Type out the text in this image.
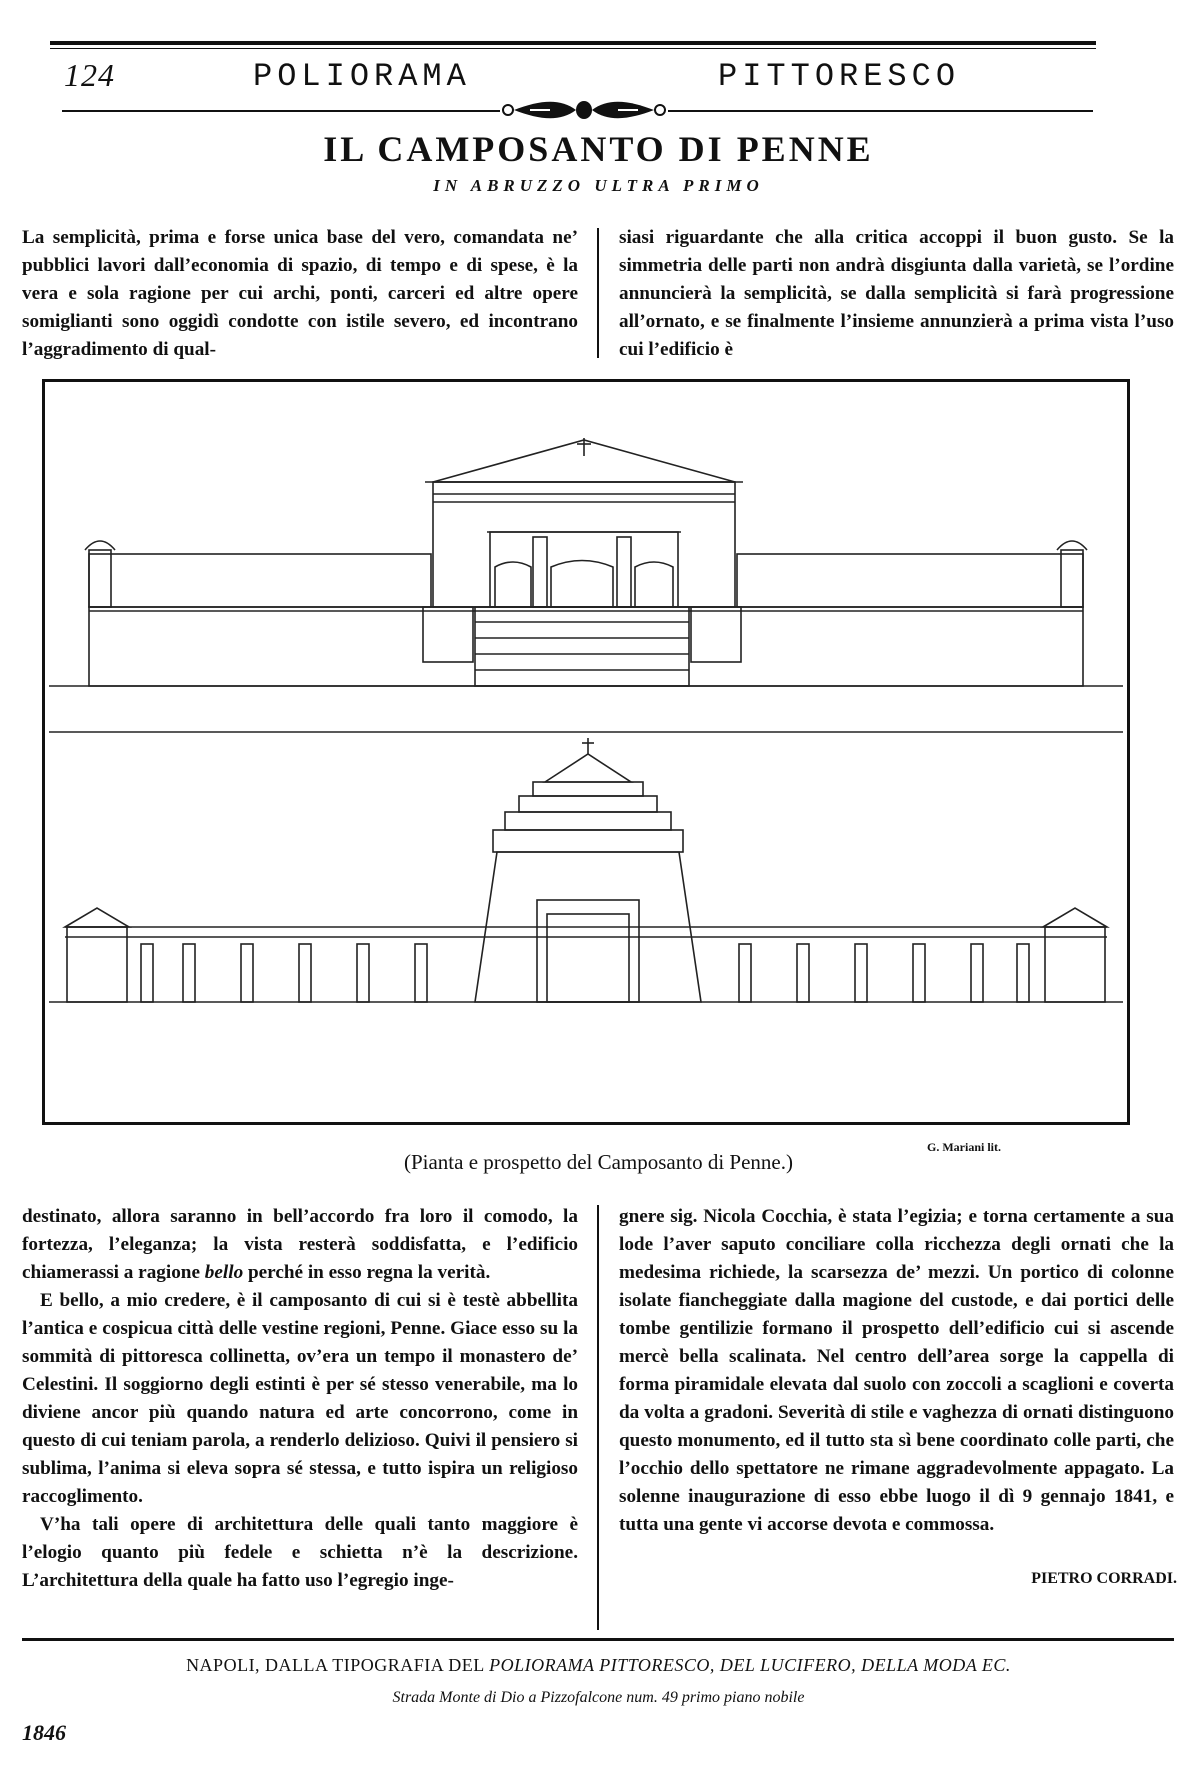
124	POLIORAMA	PITTORESCO
IL CAMPOSANTO DI PENNE
IN ABRUZZO ULTRA PRIMO

La semplicità, prima e forse unica base del vero, comandata ne’ pubblici lavori dall’economia di spazio, di tempo e di spese, è la vera e sola ragione per cui archi, ponti, carceri ed altre opere somiglianti sono oggidì condotte con istile severo, ed incontrano l’aggradimento di qual-

siasi riguardante che alla critica accoppi il buon gusto. Se la simmetria delle parti non andrà disgiunta dalla varietà, se l’ordine annuncierà la semplicità, se dalla semplicità si farà progressione all’ornato, e se finalmente l’insieme annunzierà a prima vista l’uso cui l’edificio è

(Pianta e prospetto del Camposanto di Penne.)
G. Mariani lit.

destinato, allora saranno in bell’accordo fra loro il comodo, la fortezza, l’eleganza; la vista resterà soddisfatta, e l’edificio chiamerassi a ragione bello perché in esso regna la verità.

E bello, a mio credere, è il camposanto di cui si è testè abbellita l’antica e cospicua città delle vestine regioni, Penne. Giace esso su la sommità di pittoresca collinetta, ov’era un tempo il monastero de’ Celestini. Il soggiorno degli estinti è per sé stesso venerabile, ma lo diviene ancor più quando natura ed arte concorrono, come in questo di cui teniam parola, a renderlo delizioso. Quivi il pensiero si sublima, l’anima si eleva sopra sé stessa, e tutto ispira un religioso raccoglimento.

V’ha tali opere di architettura delle quali tanto maggiore è l’elogio quanto più fedele e schietta n’è la descrizione. L’architettura della quale ha fatto uso l’egregio inge-

gnere sig. Nicola Cocchia, è stata l’egizia; e torna certamente a sua lode l’aver saputo conciliare colla ricchezza degli ornati che la medesima richiede, la scarsezza de’ mezzi. Un portico di colonne isolate fiancheggiate dalla magione del custode, e dai portici delle tombe gentilizie formano il prospetto dell’edificio cui si ascende mercè bella scalinata. Nel centro dell’area sorge la cappella di forma piramidale elevata dal suolo con zoccoli a scaglioni e coverta da volta a gradoni. Severità di stile e vaghezza di ornati distinguono questo monumento, ed il tutto sta sì bene coordinato colle parti, che l’occhio dello spettatore ne rimane aggradevolmente appagato. La solenne inaugurazione di esso ebbe luogo il dì 9 gennajo 1841, e tutta una gente vi accorse devota e commossa.

PIETRO CORRADI.
NAPOLI, DALLA TIPOGRAFIA DEL POLIORAMA PITTORESCO, DEL LUCIFERO, DELLA MODA EC.
Strada Monte di Dio a Pizzofalcone num. 49 primo piano nobile
1846
